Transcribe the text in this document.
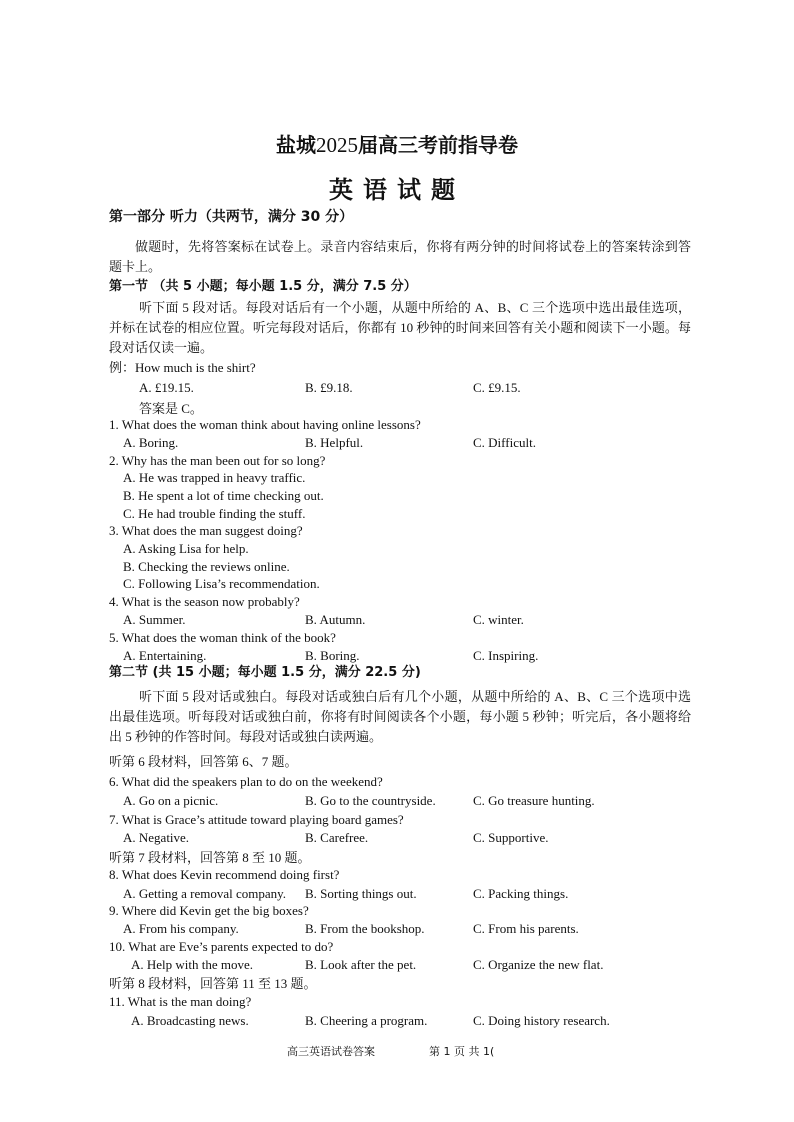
盐城2025届高三考前指导卷
英语试题
第一部分 听力（共两节，满分 30 分）
做题时，先将答案标在试卷上。录音内容结束后，你将有两分钟的时间将试卷上的答案转涂到答题卡上。
第一节 （共 5 小题；每小题 1.5 分，满分 7.5 分）
听下面 5 段对话。每段对话后有一个小题，从题中所给的 A、B、C 三个选项中选出最佳选项，并标在试卷的相应位置。听完每段对话后，你都有 10 秒钟的时间来回答有关小题和阅读下一小题。每段对话仅读一遍。
例：How much is the shirt?
A. £19.15.	B. £9.18.	C. £9.15.
答案是 C。
1. What does the woman think about having online lessons?
A. Boring.	B. Helpful.	C. Difficult.
2. Why has the man been out for so long?
A. He was trapped in heavy traffic.
B. He spent a lot of time checking out.
C. He had trouble finding the stuff.
3. What does the man suggest doing?
A. Asking Lisa for help.
B. Checking the reviews online.
C. Following Lisa’s recommendation.
4. What is the season now probably?
A. Summer.	B. Autumn.	C. winter.
5. What does the woman think of the book?
A. Entertaining.	B. Boring.	C. Inspiring.
第二节 (共 15 小题；每小题 1.5 分，满分 22.5 分)
听下面 5 段对话或独白。每段对话或独白后有几个小题，从题中所给的 A、B、C 三个选项中选出最佳选项。听每段对话或独白前，你将有时间阅读各个小题，每小题 5 秒钟；听完后，各小题将给出 5 秒钟的作答时间。每段对话或独白读两遍。
听第 6 段材料，回答第 6、7 题。
6. What did the speakers plan to do on the weekend?
A. Go on a picnic.	B. Go to the countryside.	C. Go treasure hunting.
7. What is Grace’s attitude toward playing board games?
A. Negative.	B. Carefree.	C. Supportive.
听第 7 段材料，回答第 8 至 10 题。
8. What does Kevin recommend doing first?
A. Getting a removal company. B. Sorting things out.	C. Packing things.
9. Where did Kevin get the big boxes?
A. From his company.	B. From the bookshop.	C. From his parents.
10. What are Eve’s parents expected to do?
A. Help with the move.	B. Look after the pet.	C. Organize the new flat.
听第 8 段材料，回答第 11 至 13 题。
11. What is the man doing?
A. Broadcasting news.	B. Cheering a program.	C. Doing history research.
高三英语试卷答案	第 1 页 共 1(
